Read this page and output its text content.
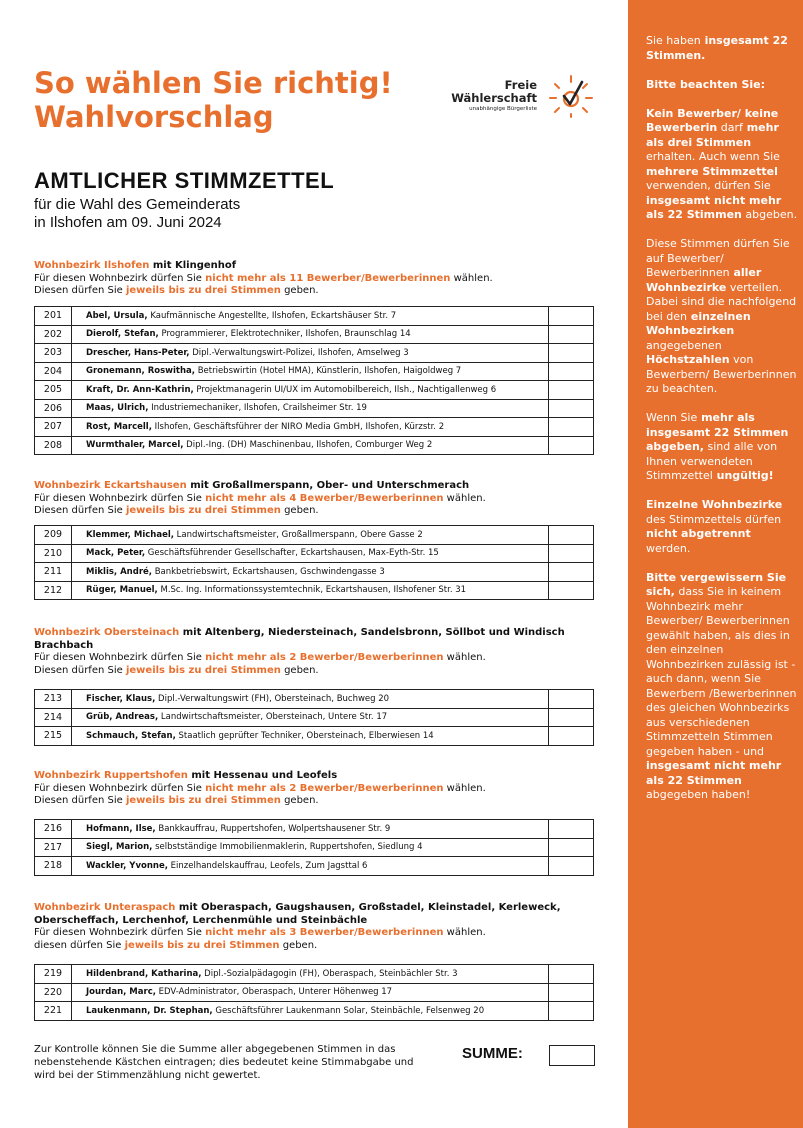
So wählen Sie richtig!
Wahlvorschlag
Freie
Wählerschaft
unabhängige Bürgerliste
AMTLICHER STIMMZETTEL
für die Wahl des Gemeinderats
in Ilshofen am 09. Juni 2024
Wohnbezirk Ilshofen mit Klingenhof
Für diesen Wohnbezirk dürfen Sie nicht mehr als 11 Bewerber/Bewerberinnen wählen.
Diesen dürfen Sie jeweils bis zu drei Stimmen geben.
201	Abel, Ursula, Kaufmännische Angestellte, Ilshofen, Eckartshäuser Str. 7	
202	Dierolf, Stefan, Programmierer, Elektrotechniker, Ilshofen, Braunschlag 14	
203	Drescher, Hans-Peter, Dipl.-Verwaltungswirt-Polizei, Ilshofen, Amselweg 3	
204	Gronemann, Roswitha, Betriebswirtin (Hotel HMA), Künstlerin, Ilshofen, Haigoldweg 7	
205	Kraft, Dr. Ann-Kathrin, Projektmanagerin UI/UX im Automobilbereich, Ilsh., Nachtigallenweg 6	
206	Maas, Ulrich, Industriemechaniker, Ilshofen, Crailsheimer Str. 19	
207	Rost, Marcell, Ilshofen, Geschäftsführer der NIRO Media GmbH, Ilshofen, Kürzstr. 2	
208	Wurmthaler, Marcel, Dipl.-Ing. (DH) Maschinenbau, Ilshofen, Comburger Weg 2	
Wohnbezirk Eckartshausen mit Großallmerspann, Ober- und Unterschmerach
Für diesen Wohnbezirk dürfen Sie nicht mehr als 4 Bewerber/Bewerberinnen wählen.
Diesen dürfen Sie jeweils bis zu drei Stimmen geben.
209	Klemmer, Michael, Landwirtschaftsmeister, Großallmerspann, Obere Gasse 2	
210	Mack, Peter, Geschäftsführender Gesellschafter, Eckartshausen, Max-Eyth-Str. 15	
211	Miklis, André, Bankbetriebswirt, Eckartshausen, Gschwindengasse 3	
212	Rüger, Manuel, M.Sc. Ing. Informationssystemtechnik, Eckartshausen, Ilshofener Str. 31	
Wohnbezirk Obersteinach mit Altenberg, Niedersteinach, Sandelsbronn, Söllbot und Windisch Brachbach
Für diesen Wohnbezirk dürfen Sie nicht mehr als 2 Bewerber/Bewerberinnen wählen.
Diesen dürfen Sie jeweils bis zu drei Stimmen geben.
213	Fischer, Klaus, Dipl.-Verwaltungswirt (FH), Obersteinach, Buchweg 20	
214	Grüb, Andreas, Landwirtschaftsmeister, Obersteinach, Untere Str. 17	
215	Schmauch, Stefan, Staatlich geprüfter Techniker, Obersteinach, Elberwiesen 14	
Wohnbezirk Ruppertshofen mit Hessenau und Leofels
Für diesen Wohnbezirk dürfen Sie nicht mehr als 2 Bewerber/Bewerberinnen wählen.
Diesen dürfen Sie jeweils bis zu drei Stimmen geben.
216	Hofmann, Ilse, Bankkauffrau, Ruppertshofen, Wolpertshausener Str. 9	
217	Siegl, Marion, selbstständige Immobilienmaklerin, Ruppertshofen, Siedlung 4	
218	Wackler, Yvonne, Einzelhandelskauffrau, Leofels, Zum Jagsttal 6	
Wohnbezirk Unteraspach mit Oberaspach, Gaugshausen, Großstadel, Kleinstadel, Kerleweck, Oberscheffach, Lerchenhof, Lerchenmühle und Steinbächle
Für diesen Wohnbezirk dürfen Sie nicht mehr als 3 Bewerber/Bewerberinnen wählen.
diesen dürfen Sie jeweils bis zu drei Stimmen geben.
219	Hildenbrand, Katharina, Dipl.-Sozialpädagogin (FH), Oberaspach, Steinbächler Str. 3	
220	Jourdan, Marc, EDV-Administrator, Oberaspach, Unterer Höhenweg 17	
221	Laukenmann, Dr. Stephan, Geschäftsführer Laukenmann Solar, Steinbächle, Felsenweg 20	
Zur Kontrolle können Sie die Summe aller abgegebenen Stimmen in das nebenstehende Kästchen eintragen; dies bedeutet keine Stimmabgabe und wird bei der Stimmenzählung nicht gewertet.
SUMME:

Sie haben insgesamt 22 Stimmen.

Bitte beachten Sie:

Kein Bewerber/ keine Bewerberin darf mehr als drei Stimmen erhalten. Auch wenn Sie mehrere Stimmzettel verwenden, dürfen Sie insgesamt nicht mehr als 22 Stimmen abgeben.

Diese Stimmen dürfen Sie auf Bewerber/ Bewerberinnen aller Wohnbezirke verteilen. Dabei sind die nachfolgend bei den einzelnen Wohnbezirken angegebenen Höchstzahlen von Bewerbern/ Bewerberinnen zu beachten.

Wenn Sie mehr als insgesamt 22 Stimmen abgeben, sind alle von Ihnen verwendeten Stimmzettel ungültig!

Einzelne Wohnbezirke des Stimmzettels dürfen nicht abgetrennt werden.

Bitte vergewissern Sie sich, dass Sie in keinem Wohnbezirk mehr Bewerber/ Bewerberinnen gewählt haben, als dies in den einzelnen Wohnbezirken zulässig ist - auch dann, wenn Sie Bewerbern /Bewerberinnen des gleichen Wohnbezirks aus verschiedenen Stimmzetteln Stimmen gegeben haben - und insgesamt nicht mehr als 22 Stimmen abgegeben haben!
